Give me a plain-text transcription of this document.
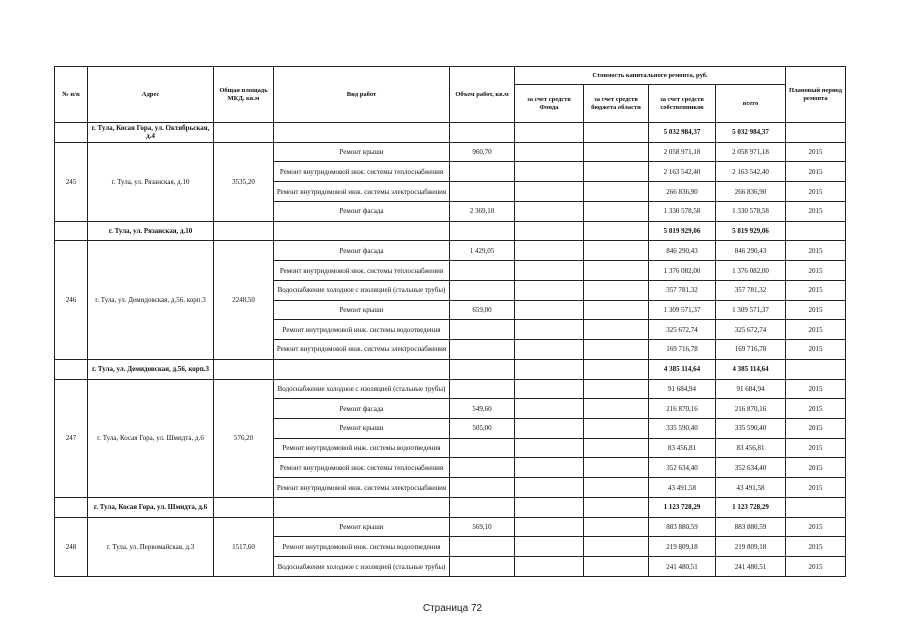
№ п/п	Адрес	Общая площадь МКД, кв.м	Вид работ	Объем работ, кв.м	Стоимость капитального ремонта, руб.				Плановый период ремонта
					за счет средств Фонда	за счет средств бюджета области	за счет средств собственников	всего	
	г. Тула, Косая Гора, ул. Октябрьская, д.4						5 032 984,37	5 032 984,37	
245	г. Тула, ул. Рязанская, д.10	3535,20	Ремонт крыши	960,70			2 058 971,18	2 058 971,18	2015
			Ремонт внутридомовой инж. системы теплоснабжения				2 163 542,40	2 163 542,40	2015
			Ремонт внутридомовой инж. системы электроснабжения				266 836,90	266 836,90	2015
			Ремонт фасада	2 369,10			1 330 578,58	1 330 578,58	2015
	г. Тула, ул. Рязанская, д.10						5 819 929,06	5 819 929,06	
246	г. Тула, ул. Демидовская, д.56, корп.3	2248,50	Ремонт фасада	1 429,05			846 290,43	846 290,43	2015
			Ремонт внутридомовой инж. системы теплоснабжения				1 376 082,00	1 376 082,00	2015
			Водоснабжение холодное с изоляцией (стальные трубы)				357 781,32	357 781,32	2015
			Ремонт крыши	659,00			1 309 571,37	1 309 571,37	2015
			Ремонт внутридомовой инж. системы водоотведения				325 672,74	325 672,74	2015
			Ремонт внутридомовой инж. системы электроснабжения				169 716,78	169 716,78	2015
	г. Тула, ул. Демидовская, д.56, корп.3						4 385 114,64	4 385 114,64	
247	г. Тула, Косая Гора, ул. Шмидта, д.6	576,20	Водоснабжение холодное с изоляцией (стальные трубы)				91 684,94	91 684,94	2015
			Ремонт фасада	549,60			216 870,16	216 870,16	2015
			Ремонт крыши	505,00			335 590,40	335 590,40	2015
			Ремонт внутридомовой инж. системы водоотведения				83 456,81	83 456,81	2015
			Ремонт внутридомовой инж. системы теплоснабжения				352 634,40	352 634,40	2015
			Ремонт внутридомовой инж. системы электроснабжения				43 491,58	43 491,58	2015
	г. Тула, Косая Гора, ул. Шмидта, д.6						1 123 728,29	1 123 728,29	
248	г. Тула, ул. Первомайская, д.3	1517,60	Ремонт крыши	569,10			883 880,59	883 880,59	2015
			Ремонт внутридомовой инж. системы водоотведения				219 809,18	219 809,18	2015
			Водоснабжение холодное с изоляцией (стальные трубы)				241 480,51	241 480,51	2015
Страница 72
